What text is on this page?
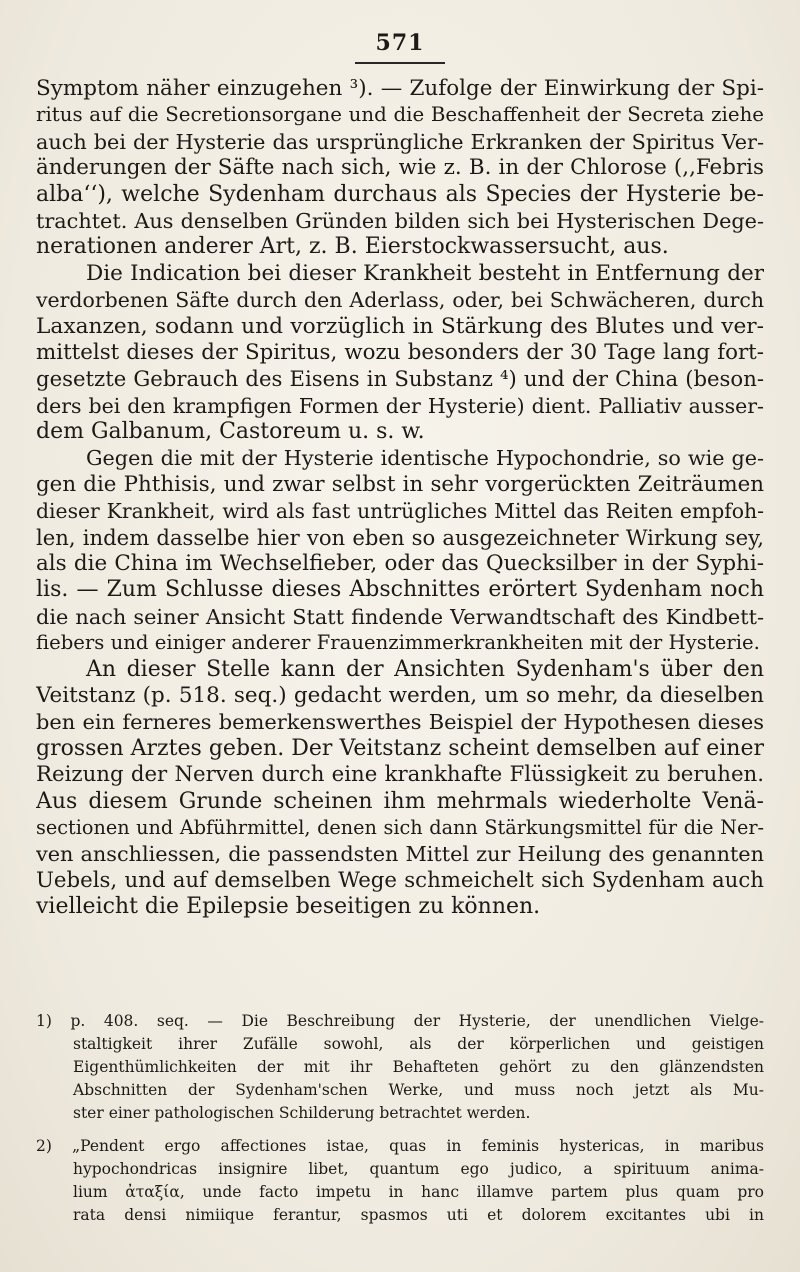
571
Symptom näher einzugehen ³). — Zufolge der Einwirkung der Spi-
ritus auf die Secretionsorgane und die Beschaffenheit der Secreta ziehe
auch bei der Hysterie das ursprüngliche Erkranken der Spiritus Ver-
änderungen der Säfte nach sich, wie z. B. in der Chlorose (,,Febris
alba‘‘), welche Sydenham durchaus als Species der Hysterie be-
trachtet. Aus denselben Gründen bilden sich bei Hysterischen Dege-
nerationen anderer Art, z. B. Eierstockwassersucht, aus.
Die Indication bei dieser Krankheit besteht in Entfernung der
verdorbenen Säfte durch den Aderlass, oder, bei Schwächeren, durch
Laxanzen, sodann und vorzüglich in Stärkung des Blutes und ver-
mittelst dieses der Spiritus, wozu besonders der 30 Tage lang fort-
gesetzte Gebrauch des Eisens in Substanz ⁴) und der China (beson-
ders bei den krampfigen Formen der Hysterie) dient. Palliativ ausser-
dem Galbanum, Castoreum u. s. w.
Gegen die mit der Hysterie identische Hypochondrie, so wie ge-
gen die Phthisis, und zwar selbst in sehr vorgerückten Zeiträumen
dieser Krankheit, wird als fast untrügliches Mittel das Reiten empfoh-
len, indem dasselbe hier von eben so ausgezeichneter Wirkung sey,
als die China im Wechselfieber, oder das Quecksilber in der Syphi-
lis. — Zum Schlusse dieses Abschnittes erörtert Sydenham noch
die nach seiner Ansicht Statt findende Verwandtschaft des Kindbett-
fiebers und einiger anderer Frauenzimmerkrankheiten mit der Hysterie.
An dieser Stelle kann der Ansichten Sydenham's über den
Veitstanz (p. 518. seq.) gedacht werden, um so mehr, da dieselben
ben ein ferneres bemerkenswerthes Beispiel der Hypothesen dieses
grossen Arztes geben. Der Veitstanz scheint demselben auf einer
Reizung der Nerven durch eine krankhafte Flüssigkeit zu beruhen.
Aus diesem Grunde scheinen ihm mehrmals wiederholte Venä-
sectionen und Abführmittel, denen sich dann Stärkungsmittel für die Ner-
ven anschliessen, die passendsten Mittel zur Heilung des genannten
Uebels, und auf demselben Wege schmeichelt sich Sydenham auch
vielleicht die Epilepsie beseitigen zu können.
1) p. 408. seq. — Die Beschreibung der Hysterie, der unendlichen Vielge-
staltigkeit ihrer Zufälle sowohl, als der körperlichen und geistigen
Eigenthümlichkeiten der mit ihr Behafteten gehört zu den glänzendsten
Abschnitten der Sydenham'schen Werke, und muss noch jetzt als Mu-
ster einer pathologischen Schilderung betrachtet werden.
2) „Pendent ergo affectiones istae, quas in feminis hystericas, in maribus
hypochondricas insignire libet, quantum ego judico, a spirituum anima-
lium ἀταξία, unde facto impetu in hanc illamve partem plus quam pro
rata densi nimiique ferantur, spasmos uti et dolorem excitantes ubi in
